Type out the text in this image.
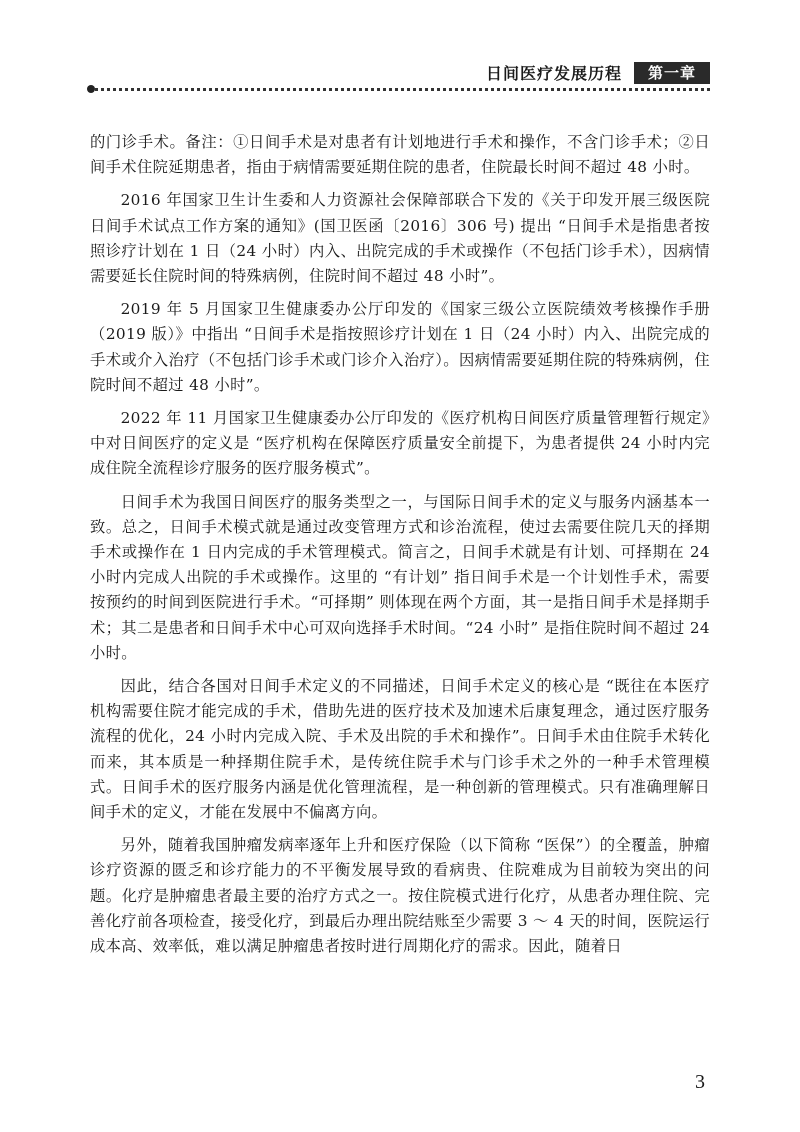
日间医疗发展历程	第一章

的门诊手术。备注：①日间手术是对患者有计划地进行手术和操作，不含门诊手术；②日间手术住院延期患者，指由于病情需要延期住院的患者，住院最长时间不超过 48 小时。

2016 年国家卫生计生委和人力资源社会保障部联合下发的《关于印发开展三级医院日间手术试点工作方案的通知》(国卫医函〔2016〕306 号) 提出 “日间手术是指患者按照诊疗计划在 1 日（24 小时）内入、出院完成的手术或操作（不包括门诊手术），因病情需要延长住院时间的特殊病例，住院时间不超过 48 小时”。

2019 年 5 月国家卫生健康委办公厅印发的《国家三级公立医院绩效考核操作手册（2019 版）》中指出 “日间手术是指按照诊疗计划在 1 日（24 小时）内入、出院完成的手术或介入治疗（不包括门诊手术或门诊介入治疗）。因病情需要延期住院的特殊病例，住院时间不超过 48 小时”。

2022 年 11 月国家卫生健康委办公厅印发的《医疗机构日间医疗质量管理暂行规定》中对日间医疗的定义是 “医疗机构在保障医疗质量安全前提下，为患者提供 24 小时内完成住院全流程诊疗服务的医疗服务模式”。

日间手术为我国日间医疗的服务类型之一，与国际日间手术的定义与服务内涵基本一致。总之，日间手术模式就是通过改变管理方式和诊治流程，使过去需要住院几天的择期手术或操作在 1 日内完成的手术管理模式。简言之，日间手术就是有计划、可择期在 24 小时内完成人出院的手术或操作。这里的 “有计划” 指日间手术是一个计划性手术，需要按预约的时间到医院进行手术。“可择期” 则体现在两个方面，其一是指日间手术是择期手术；其二是患者和日间手术中心可双向选择手术时间。“24 小时” 是指住院时间不超过 24 小时。

因此，结合各国对日间手术定义的不同描述，日间手术定义的核心是 “既往在本医疗机构需要住院才能完成的手术，借助先进的医疗技术及加速术后康复理念，通过医疗服务流程的优化，24 小时内完成入院、手术及出院的手术和操作”。日间手术由住院手术转化而来，其本质是一种择期住院手术，是传统住院手术与门诊手术之外的一种手术管理模式。日间手术的医疗服务内涵是优化管理流程，是一种创新的管理模式。只有准确理解日间手术的定义，才能在发展中不偏离方向。

另外，随着我国肿瘤发病率逐年上升和医疗保险（以下简称 “医保”）的全覆盖，肿瘤诊疗资源的匮乏和诊疗能力的不平衡发展导致的看病贵、住院难成为目前较为突出的问题。化疗是肿瘤患者最主要的治疗方式之一。按住院模式进行化疗，从患者办理住院、完善化疗前各项检查，接受化疗，到最后办理出院结账至少需要 3 ～ 4 天的时间，医院运行成本高、效率低，难以满足肿瘤患者按时进行周期化疗的需求。因此，随着日

3
